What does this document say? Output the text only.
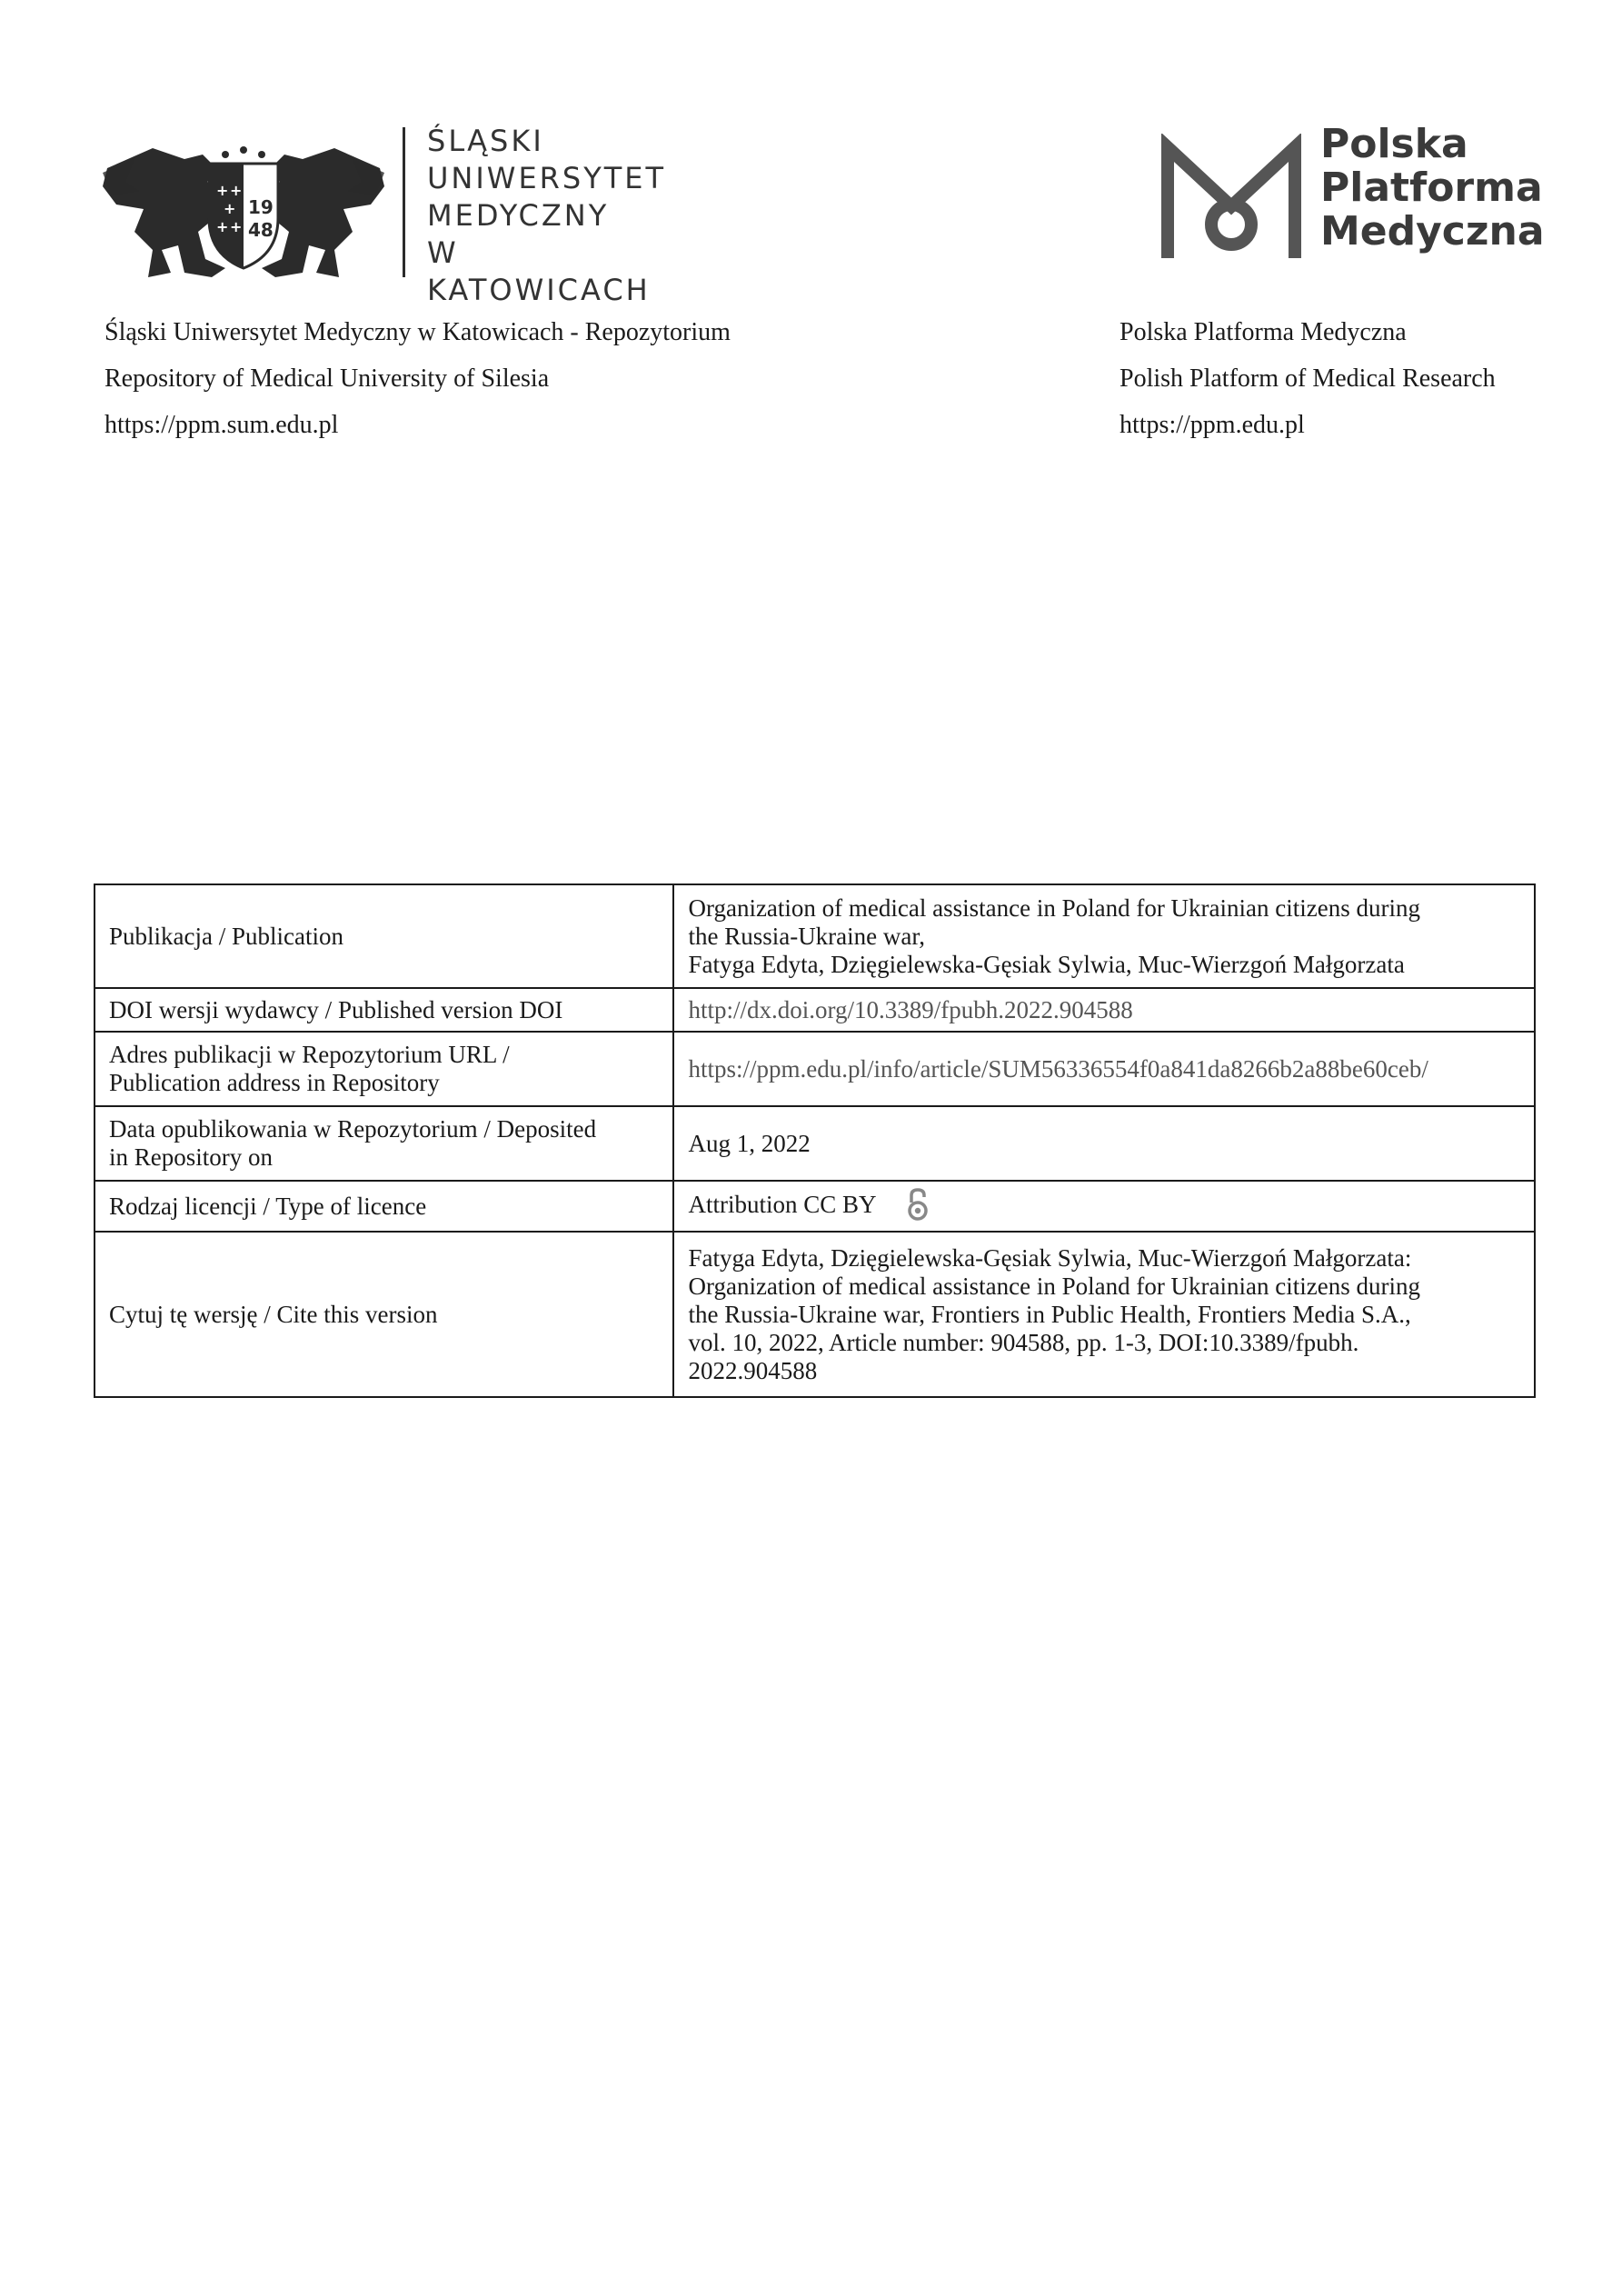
+ +
+
+ +
19
48
ŚLĄSKI
UNIWERSYTET
MEDYCZNY
W KATOWICACH
Polska
Platforma
Medyczna
Śląski Uniwersytet Medyczny w Katowicach - Repozytorium
Repository of Medical University of Silesia
https://ppm.sum.edu.pl
Polska Platforma Medyczna
Polish Platform of Medical Research
https://ppm.edu.pl
Publikacja / Publication	Organization of medical assistance in Poland for Ukrainian citizens during
the Russia-Ukraine war,
Fatyga Edyta, Dzięgielewska-Gęsiak Sylwia, Muc-Wierzgoń Małgorzata

DOI wersji wydawcy / Published version DOI	http://dx.doi.org/10.3389/fpubh.2022.904588

Adres publikacji w Repozytorium URL /
Publication address in Repository	https://ppm.edu.pl/info/article/SUM56336554f0a841da8266b2a88be60ceb/

Data opublikowania w Repozytorium / Deposited
in Repository on	Aug 1, 2022
Rodzaj licencji / Type of licence	Attribution CC BY
Cytuj tę wersję / Cite this version	Fatyga Edyta, Dzięgielewska-Gęsiak Sylwia, Muc-Wierzgoń Małgorzata:
Organization of medical assistance in Poland for Ukrainian citizens during
the Russia-Ukraine war, Frontiers in Public Health, Frontiers Media S.A.,
vol. 10, 2022, Article number: 904588, pp. 1-3, DOI:10.3389/fpubh.
2022.904588
